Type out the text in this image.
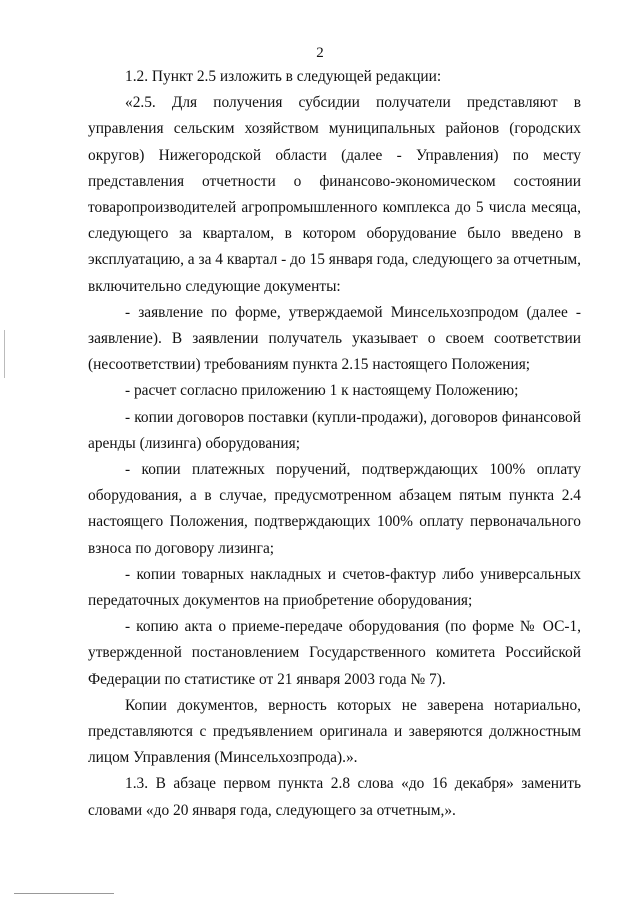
2

1.2. Пункт 2.5 изложить в следующей редакции:

«2.5. Для получения субсидии получатели представляют в управления сельским хозяйством муниципальных районов (городских округов) Нижегородской области (далее - Управления) по месту представления отчетности о финансово-экономическом состоянии товаропроизводителей агропромышленного комплекса до 5 числа месяца, следующего за кварталом, в котором оборудование было введено в эксплуатацию, а за 4 квартал - до 15 января года, следующего за отчетным, включительно следующие документы:

- заявление по форме, утверждаемой Минсельхозпродом (далее - заявление). В заявлении получатель указывает о своем соответствии (несоответствии) требованиям пункта 2.15 настоящего Положения;

- расчет согласно приложению 1 к настоящему Положению;

- копии договоров поставки (купли-продажи), договоров финансовой аренды (лизинга) оборудования;

- копии платежных поручений, подтверждающих 100% оплату оборудования, а в случае, предусмотренном абзацем пятым пункта 2.4 настоящего Положения, подтверждающих 100% оплату первоначального взноса по договору лизинга;

- копии товарных накладных и счетов-фактур либо универсальных передаточных документов на приобретение оборудования;

- копию акта о приеме-передаче оборудования (по форме № ОС-1, утвержденной постановлением Государственного комитета Российской Федерации по статистике от 21 января 2003 года № 7).

Копии документов, верность которых не заверена нотариально, представляются с предъявлением оригинала и заверяются должностным лицом Управления (Минсельхозпрода).».

1.3. В абзаце первом пункта 2.8 слова «до 16 декабря» заменить словами «до 20 января года, следующего за отчетным,».
